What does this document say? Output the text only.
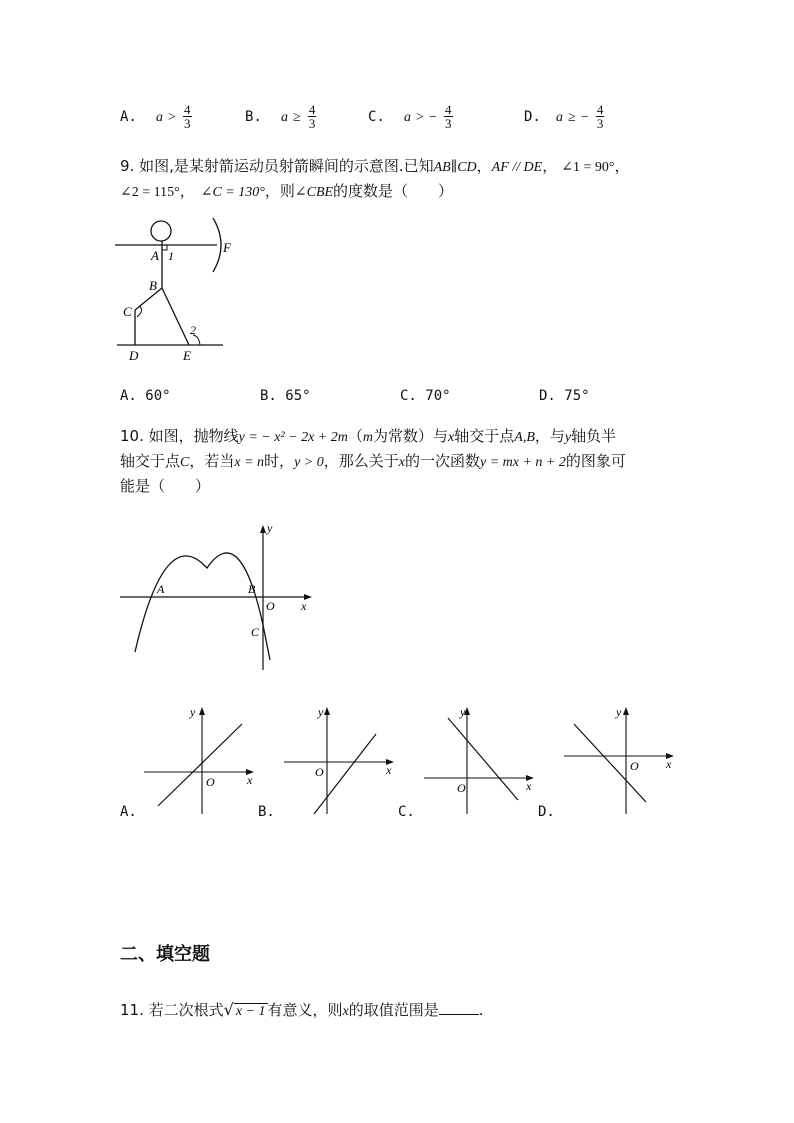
A. $a > \frac{4}{3}$	B. $a \ge \frac{4}{3}$	C. a > − $\frac{4}{3}$	D. a ≥ − $\frac{4}{3}$
9. 如图,是某射箭运动员射箭瞬间的示意图.已知AB∥CD，AF // DE， ∠1 = 90°，
∠2 = 115°， ∠C = 130°，则∠CBE的度数是（　　）
A 1
F
B
C
2
D	E
A. 60°	B. 65°	C. 70°	D. 75°
10. 如图，抛物线y = − x² − 2x + 2m（m为常数）与x轴交于点A,B，与y轴负半
轴交于点C，若当x = n时，y > 0，那么关于x的一次函数y = mx + n + 2的图象可
能是（　　）
y
x
A	B
O
C
A.
y
x
O
B.
y
x
O
C.
y
x
O
D.
y
x
O
二、填空题
11. 若二次根式√ x − 1 有意义，则x的取值范围是	.
